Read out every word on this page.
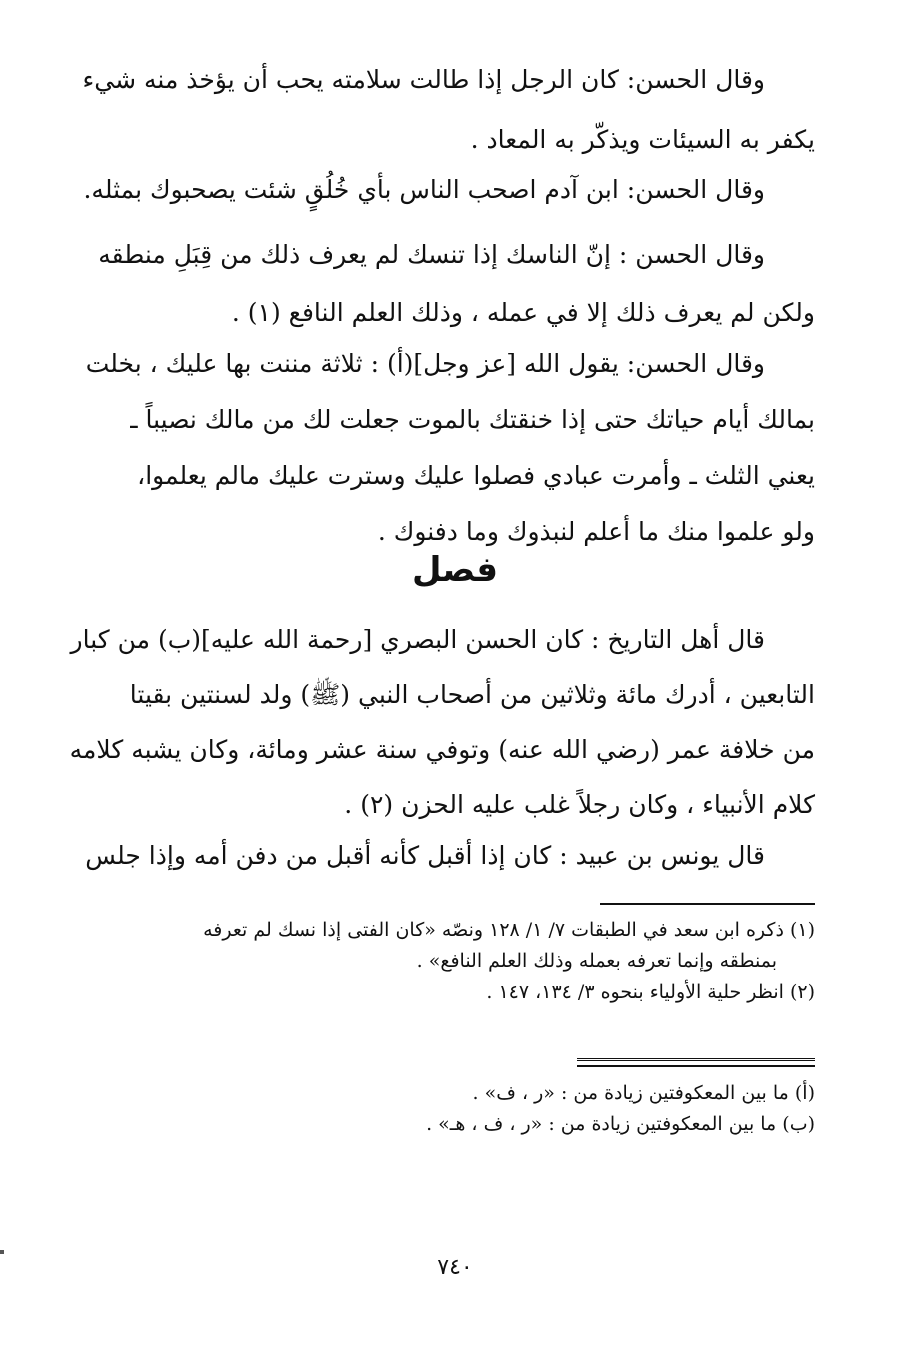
وقال الحسن: كان الرجل إذا طالت سلامته يحب أن يؤخذ منه شيء
يكفر به السيئات ويذكّر به المعاد .
وقال الحسن: ابن آدم اصحب الناس بأي خُلُقٍ شئت يصحبوك بمثله.
وقال الحسن : إنّ الناسك إذا تنسك لم يعرف ذلك من قِبَلِ منطقه
ولكن لم يعرف ذلك إلا في عمله ، وذلك العلم النافع (١) .
وقال الحسن: يقول الله [عز وجل](أ) : ثلاثة مننت بها عليك ، بخلت
بمالك أيام حياتك حتى إذا خنقتك بالموت جعلت لك من مالك نصيباً ـ
يعني الثلث ـ وأمرت عبادي فصلوا عليك وسترت عليك مالم يعلموا،
ولو علموا منك ما أعلم لنبذوك وما دفنوك .
فصل
قال أهل التاريخ : كان الحسن البصري [رحمة الله عليه](ب) من كبار
التابعين ، أدرك مائة وثلاثين من أصحاب النبي (ﷺ) ولد لسنتين بقيتا
من خلافة عمر (رضي الله عنه) وتوفي سنة عشر ومائة، وكان يشبه كلامه
كلام الأنبياء ، وكان رجلاً غلب عليه الحزن (٢) .
قال يونس بن عبيد : كان إذا أقبل كأنه أقبل من دفن أمه وإذا جلس
(١) ذكره ابن سعد في الطبقات ٧/ ١/ ١٢٨ ونصّه «كان الفتى إذا نسك لم تعرفه
بمنطقه وإنما تعرفه بعمله وذلك العلم النافع» .
(٢) انظر حلية الأولياء بنحوه ٣/ ١٣٤، ١٤٧ .
(أ) ما بين المعكوفتين زيادة من : «ر ، ف» .
(ب) ما بين المعكوفتين زيادة من : «ر ، ف ، هـ» .
٧٤٠
